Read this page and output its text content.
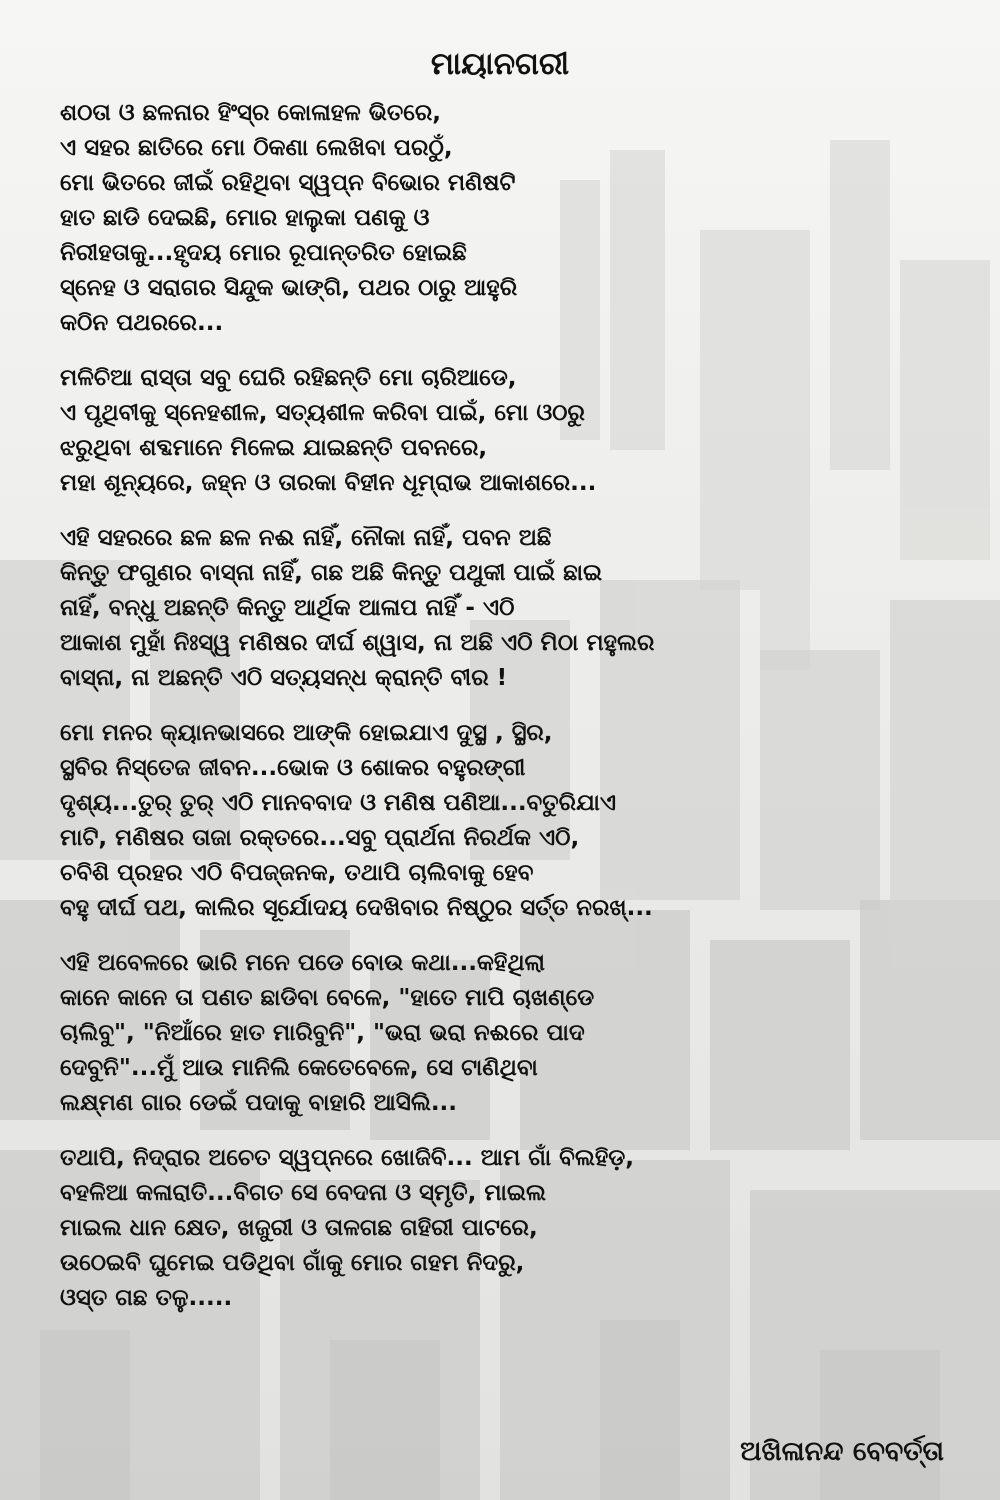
ମାୟାନଗରୀ
ଶଠତା ଓ ଛଳନାର ହିଂସ୍ର କୋଳାହଳ ଭିତରେ,
ଏ ସହର ଛାତିରେ ମୋ ଠିକଣା ଲେଖିବା ପରଠୁଁ,
ମୋ ଭିତରେ ଜୀଇଁ ରହିଥିବା ସ୍ୱପ୍ନ ବିଭୋର ମଣିଷଟି
ହାତ ଛାଡି ଦେଇଛି, ମୋର ହାଲୁକା ପଣକୁ ଓ
ନିରୀହତାକୁ...ହୃଦୟ ମୋର ରୂପାନ୍ତରିତ ହୋଇଛି
ସ୍ନେହ ଓ ସରାଗର ସିନ୍ଦୁକ ଭାଙ୍ଗି, ପଥର ଠାରୁ ଆହୁରି
କଠିନ ପଥରରେ...
ମଳିଚିଆ ରାସ୍ତା ସବୁ ଘେରି ରହିଛନ୍ତି ମୋ ଚାରିଆଡେ,
ଏ ପୃଥିବୀକୁ ସ୍ନେହଶୀଳ, ସତ୍ୟଶୀଳ କରିବା ପାଇଁ, ମୋ ଓଠରୁ
ଝରୁଥିବା ଶବ୍ଦମାନେ ମିଳେଇ ଯାଇଛନ୍ତି ପବନରେ,
ମହା ଶୂନ୍ୟରେ, ଜହ୍ନ ଓ ତାରକା ବିହୀନ ଧୂମ୍ରାଭ ଆକାଶରେ...
ଏହି ସହରରେ ଛଳ ଛଳ ନଈ ନାହିଁ, ନୌକା ନାହିଁ, ପବନ ଅଛି
କିନ୍ତୁ ଫଗୁଣର ବାସ୍ନା ନାହିଁ, ଗଛ ଅଛି କିନ୍ତୁ ପଥୁକୀ ପାଇଁ ଛାଇ
ନାହିଁ, ବନ୍ଧୁ ଅଛନ୍ତି କିନ୍ତୁ ଆର୍ଥିକ ଆଳାପ ନାହିଁ - ଏଠି
ଆକାଶ ମୁହାଁ ନିଃସ୍ୱ ମଣିଷର ଦୀର୍ଘ ଶ୍ୱାସ, ନା ଅଛି ଏଠି ମିଠା ମହୁଲର
ବାସ୍ନା, ନା ଅଛନ୍ତି ଏଠି ସତ୍ୟସନ୍ଧ କ୍ରାନ୍ତି ବୀର !
ମୋ ମନର କ୍ୟାନଭାସରେ ଆଙ୍କି ହୋଇଯାଏ ଦୁସ୍ଥ , ସ୍ଥିର,
ସ୍ଥବିର ନିସ୍ତେଜ ଜୀବନ...ଭୋକ ଓ ଶୋକର ବହୁରଙ୍ଗୀ
ଦୃଶ୍ୟ...ତୁର୍ ତୁର୍ ଏଠି ମାନବବାଦ ଓ ମଣିଷ ପଣିଆ...ବତୁରିଯାଏ
ମାଟି, ମଣିଷର ତାଜା ରକ୍ତରେ...ସବୁ ପ୍ରାର୍ଥନା ନିରର୍ଥକ ଏଠି,
ଚବିଶି ପ୍ରହର ଏଠି ବିପଜ୍ଜନକ, ତଥାପି ଚାଲିବାକୁ ହେବ
ବହୁ ଦୀର୍ଘ ପଥ, କାଲିର ସୂର୍ଯୋଦୟ ଦେଖିବାର ନିଷ୍ଠୁର ସର୍ତ୍ତ ନରଖ୍...
ଏହି ଅବେଳରେ ଭାରି ମନେ ପଡେ ବୋଉ କଥା...କହିଥିଲା
କାନେ କାନେ ତା ପଣତ ଛାଡିବା ବେଳେ, "ହାତେ ମାପି ଚାଖଣ୍ଡେ
ଚାଲିବୁ", "ନିଆଁରେ ହାତ ମାରିବୁନି", "ଭରା ଭରା ନଈରେ ପାଦ
ଦେବୁନି"...ମୁଁ ଆଉ ମାନିଲି କେତେବେଳେ, ସେ ଟାଣିଥିବା
ଲକ୍ଷ୍ମଣ ଗାର ଡେଇଁ ପଦାକୁ ବାହାରି ଆସିଲି...
ତଥାପି, ନିଦ୍ରାର ଅଚେତ ସ୍ୱପ୍ନରେ ଖୋଜିବି... ଆମ ଗାଁ ବିଲହିଡ଼,
ବହଳିଆ କଳାରାତି...ବିଗତ ସେ ବେଦନା ଓ ସ୍ମୃତି, ମାଇଲ
ମାଇଲ ଧାନ କ୍ଷେତ, ଖଜୁରୀ ଓ ତାଳଗଛ ଗହିରୀ ପାଟରେ,
ଉଠେଇବି ଘୁମେଇ ପଡିଥିବା ଗାଁକୁ ମୋର ଗହମ ନିଦରୁ,
ଓସ୍ତ ଗଛ ତଳୁ.....
ଅଖିଳାନନ୍ଦ ବେବର୍ତ୍ତା
